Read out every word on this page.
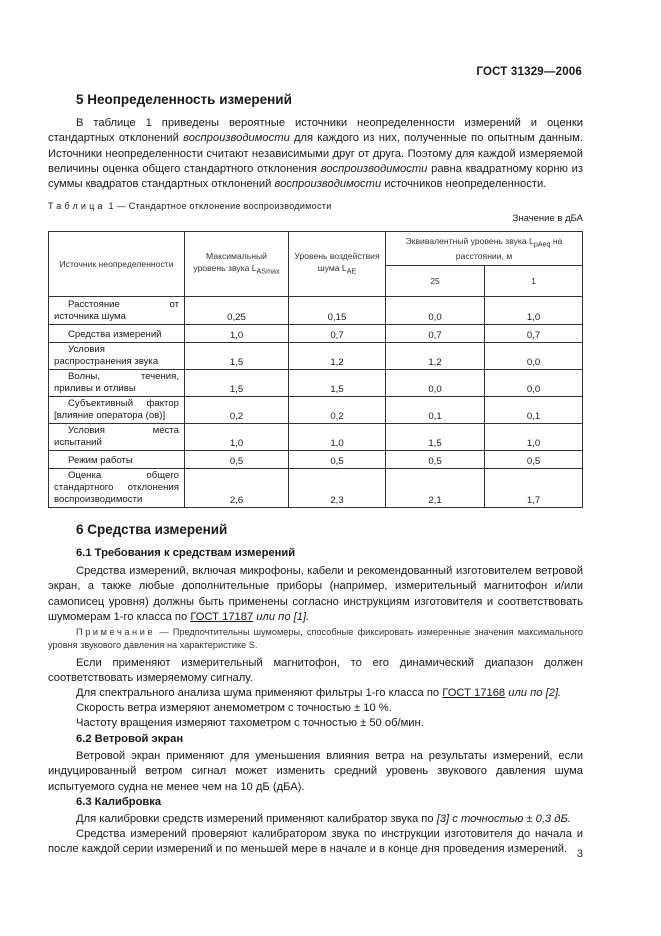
ГОСТ 31329—2006
5 Неопределенность измерений
В таблице 1 приведены вероятные источники неопределенности измерений и оценки стандартных отклонений воспроизводимости для каждого из них, полученные по опытным данным. Источники неопределенности считают независимыми друг от друга. Поэтому для каждой измеряемой величины оценка общего стандартного отклонения воспроизводимости равна квадратному корню из суммы квадратов стандартных отклонений воспроизводимости источников неопределенности.
Таблица 1 — Стандартное отклонение воспроизводимости
Значение в дБА
Источник неопределенности	Максимальный уровень звука $L_{ASmax}$	Уровень воздействия шума $L_{AE}$	Эквивалентный уровень звука $L_{pAeq}$ на расстоянии, м	
			25	1
Расстояние от источника шума	0,25	0,15	0,0	1,0
Средства измерений	1,0	0,7	0,7	0,7
Условия распространения звука	1,5	1,2	1,2	0,0
Волны, течения, приливы и отливы	1,5	1,5	0,0	0,0
Субъективный фактор [влияние оператора (ов)]	0,2	0,2	0,1	0,1
Условия места испытаний	1,0	1,0	1,5	1,0
Режим работы	0,5	0,5	0,5	0,5
Оценка общего стандартного отклонения воспроизводимости	2,6	2,3	2,1	1,7
6 Средства измерений
6.1 Требования к средствам измерений
Средства измерений, включая микрофоны, кабели и рекомендованный изготовителем ветровой экран, а также любые дополнительные приборы (например, измерительный магнитофон и/или самописец уровня) должны быть применены согласно инструкциям изготовителя и соответствовать шумомерам 1-го класса по ГОСТ 17187 или по [1].
Примечание — Предпочтительны шумомеры, способные фиксировать измеренные значения максимального уровня звукового давления на характеристике S.
Если применяют измерительный магнитофон, то его динамический диапазон должен соответствовать измеряемому сигналу.
Для спектрального анализа шума применяют фильтры 1-го класса по ГОСТ 17168 или по [2].
Скорость ветра измеряют анемометром с точностью ± 10 %.
Частоту вращения измеряют тахометром с точностью ± 50 об/мин.
6.2 Ветровой экран
Ветровой экран применяют для уменьшения влияния ветра на результаты измерений, если индуцированный ветром сигнал может изменить средний уровень звукового давления шума испытуемого судна не менее чем на 10 дБ (дБА).
6.3 Калибровка
Для калибровки средств измерений применяют калибратор звука по [3] с точностью ± 0,3 дБ.
Средства измерений проверяют калибратором звука по инструкции изготовителя до начала и после каждой серии измерений и по меньшей мере в начале и в конце дня проведения измерений. 3
